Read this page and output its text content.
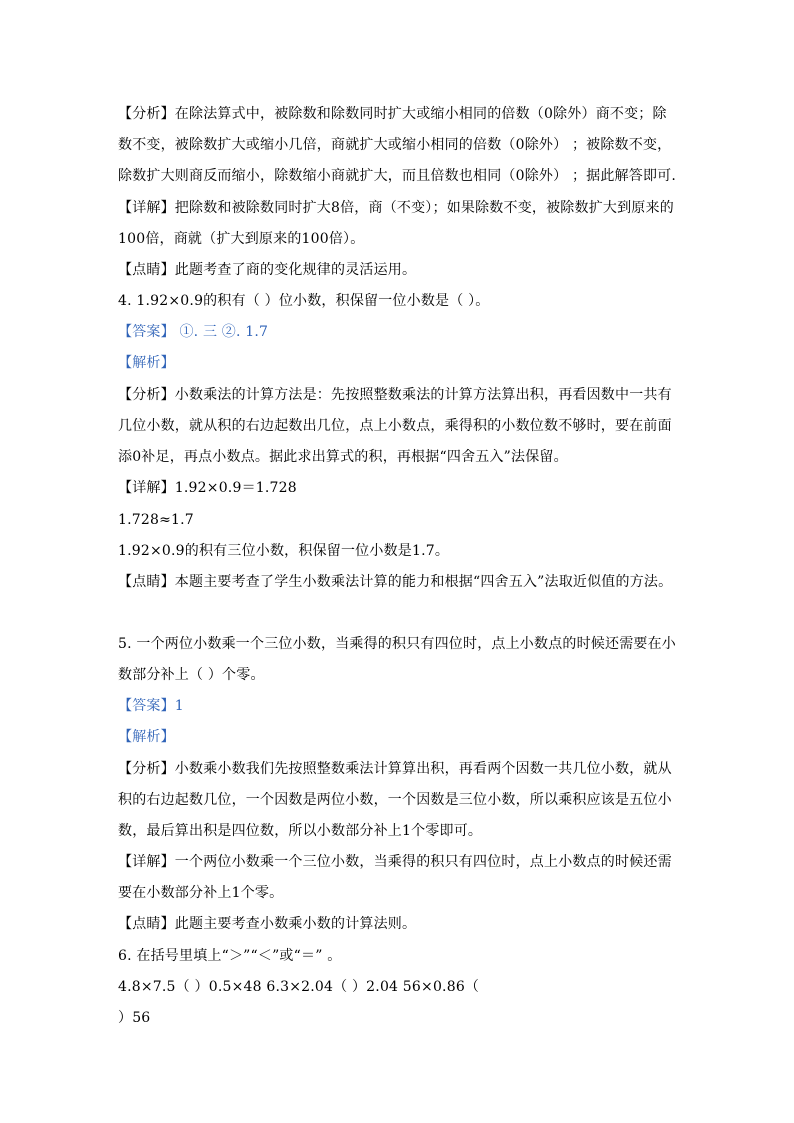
【分析】在除法算式中，被除数和除数同时扩大或缩小相同的倍数（0除外）商不变；除
数不变，被除数扩大或缩小几倍，商就扩大或缩小相同的倍数（0除外） ；被除数不变，
除数扩大则商反而缩小，除数缩小商就扩大，而且倍数也相同（0除外） ；据此解答即可.
【详解】把除数和被除数同时扩大8倍，商（不变）；如果除数不变，被除数扩大到原来的
100倍，商就（扩大到原来的100倍）。
【点睛】此题考查了商的变化规律的灵活运用。
4. 1.92×0.9的积有（ ）位小数，积保留一位小数是（ ）。
【答案】 ①. 三 ②. 1.7
【解析】
【分析】小数乘法的计算方法是：先按照整数乘法的计算方法算出积，再看因数中一共有
几位小数，就从积的右边起数出几位，点上小数点，乘得积的小数位数不够时，要在前面
添0补足，再点小数点。据此求出算式的积，再根据“四舍五入”法保留。
【详解】1.92×0.9＝1.728
1.728≈1.7
1.92×0.9的积有三位小数，积保留一位小数是1.7。
【点睛】本题主要考查了学生小数乘法计算的能力和根据“四舍五入”法取近似值的方法。
5. 一个两位小数乘一个三位小数，当乘得的积只有四位时，点上小数点的时候还需要在小
数部分补上（ ）个零。
【答案】1
【解析】
【分析】小数乘小数我们先按照整数乘法计算算出积，再看两个因数一共几位小数，就从
积的右边起数几位，一个因数是两位小数，一个因数是三位小数，所以乘积应该是五位小
数，最后算出积是四位数，所以小数部分补上1个零即可。
【详解】一个两位小数乘一个三位小数，当乘得的积只有四位时，点上小数点的时候还需
要在小数部分补上1个零。
【点睛】此题主要考查小数乘小数的计算法则。
6. 在括号里填上“＞”“＜”或“＝” 。
4.8×7.5（ ）0.5×48 6.3×2.04（ ）2.04 56×0.86（
）56
